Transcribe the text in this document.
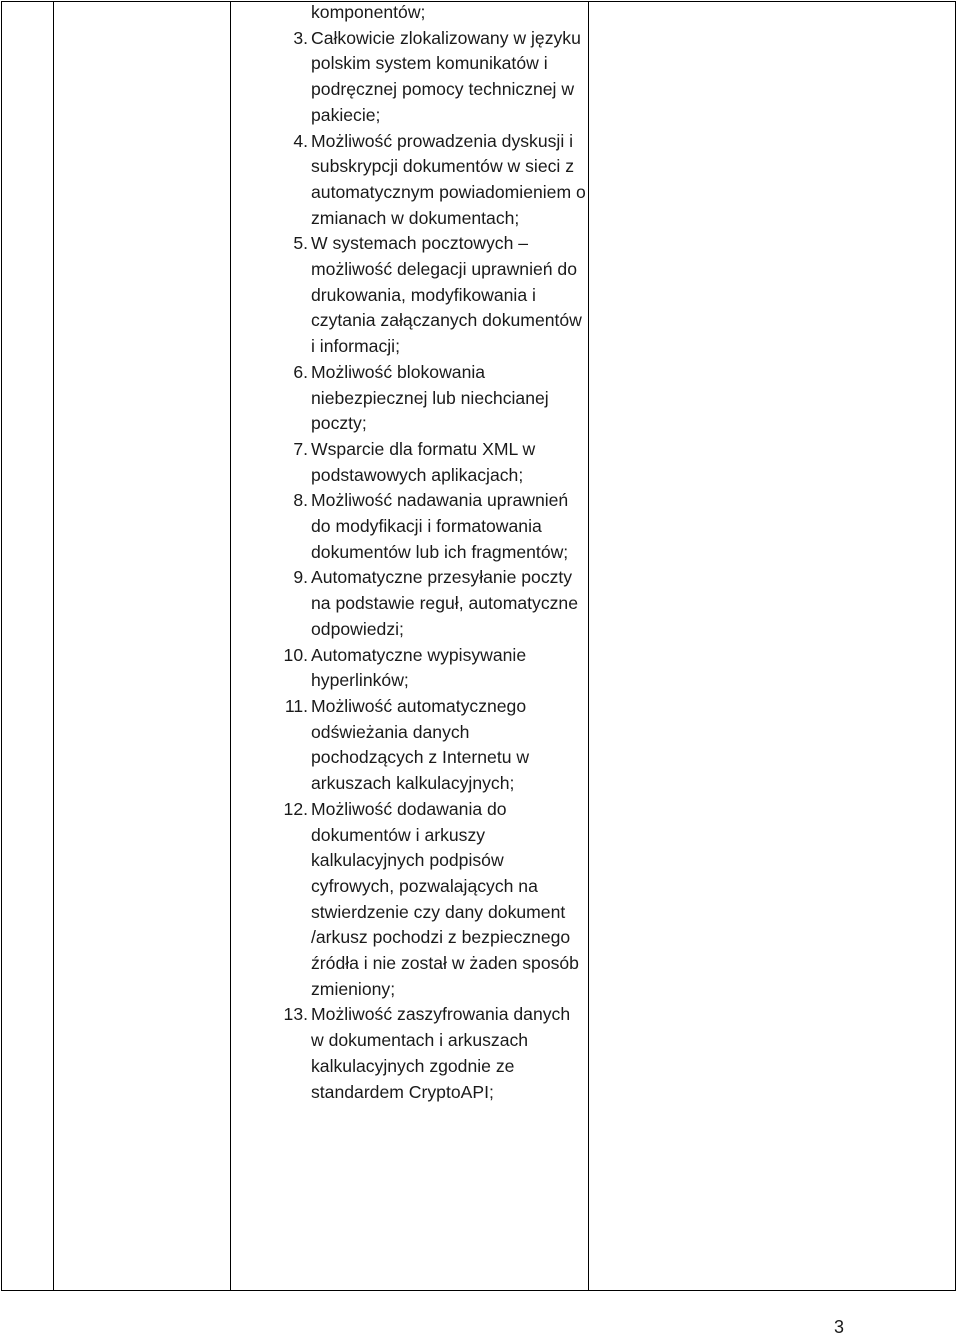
komponentów;
3. Całkowicie zlokalizowany w języku polskim system komunikatów i podręcznej pomocy technicznej w pakiecie;
4. Możliwość prowadzenia dyskusji i subskrypcji dokumentów w sieci z automatycznym powiadomieniem o zmianach w dokumentach;
5. W systemach pocztowych – możliwość delegacji uprawnień do drukowania, modyfikowania i czytania załączanych dokumentów i informacji;
6. Możliwość blokowania niebezpiecznej lub niechcianej poczty;
7. Wsparcie dla formatu XML w podstawowych aplikacjach;
8. Możliwość nadawania uprawnień do modyfikacji i formatowania dokumentów lub ich fragmentów;
9. Automatyczne przesyłanie poczty na podstawie reguł, automatyczne odpowiedzi;
10. Automatyczne wypisywanie hyperlinków;
11. Możliwość automatycznego odświeżania danych pochodzących z Internetu w arkuszach kalkulacyjnych;
12. Możliwość dodawania do dokumentów i arkuszy kalkulacyjnych podpisów cyfrowych, pozwalających na stwierdzenie czy dany dokument /arkusz pochodzi z bezpiecznego źródła i nie został w żaden sposób zmieniony;
13. Możliwość zaszyfrowania danych w dokumentach i arkuszach kalkulacyjnych zgodnie ze standardem CryptoAPI;

3
